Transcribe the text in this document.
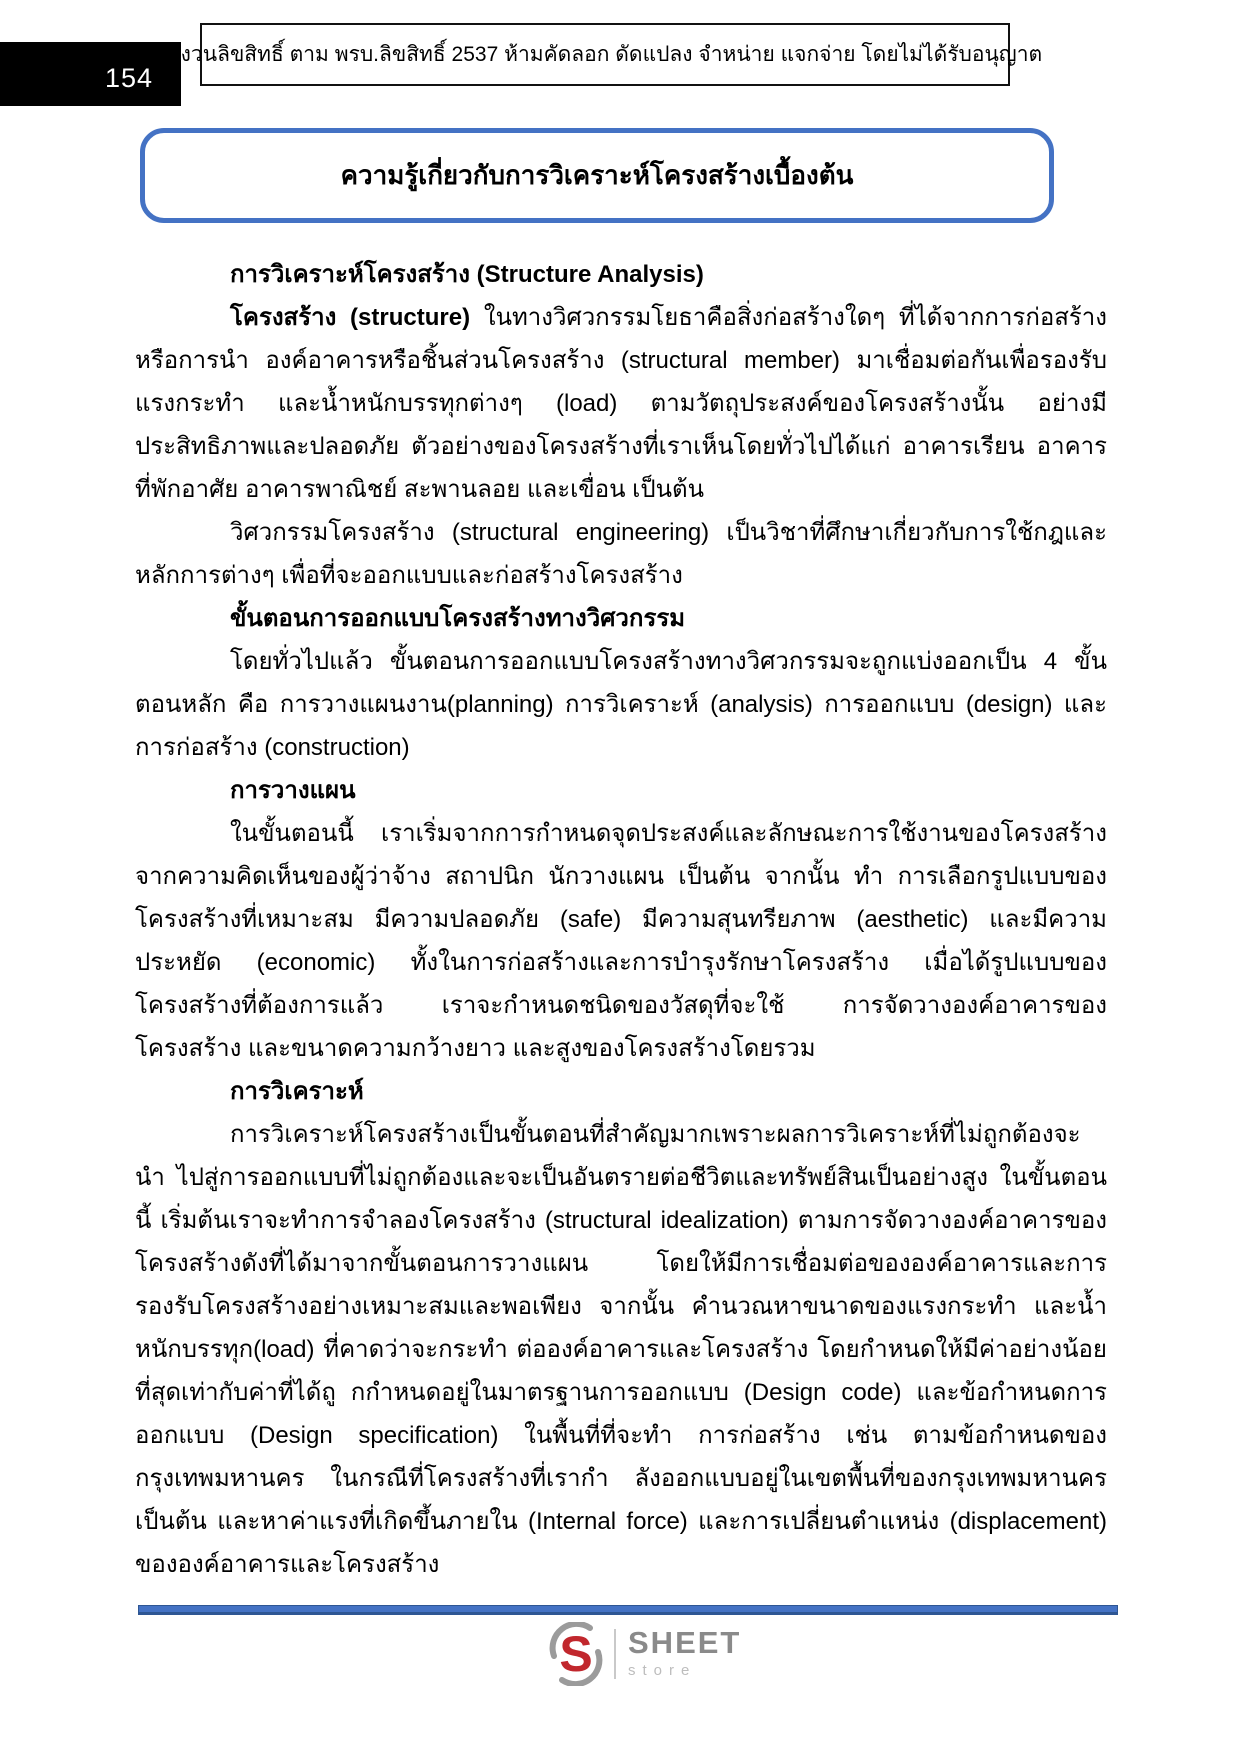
154
สงวนลิขสิทธิ์ ตาม พรบ.ลิขสิทธิ์ 2537 ห้ามคัดลอก ดัดแปลง จำหน่าย แจกจ่าย โดยไม่ได้รับอนุญาต
ความรู้เกี่ยวกับการวิเคราะห์โครงสร้างเบื้องต้น

การวิเคราะห์โครงสร้าง (Structure Analysis)

โครงสร้าง (structure) ในทางวิศวกรรมโยธาคือสิ่งก่อสร้างใดๆ ที่ได้จากการก่อสร้างหรือการนำ องค์อาคารหรือชิ้นส่วนโครงสร้าง (structural member) มาเชื่อมต่อกันเพื่อรองรับแรงกระทำ และน้ำหนักบรรทุกต่างๆ (load) ตามวัตถุประสงค์ของโครงสร้างนั้น อย่างมีประสิทธิภาพและปลอดภัย ตัวอย่างของโครงสร้างที่เราเห็นโดยทั่วไปได้แก่ อาคารเรียน อาคารที่พักอาศัย อาคารพาณิชย์ สะพานลอย และเขื่อน เป็นต้น

วิศวกรรมโครงสร้าง (structural engineering) เป็นวิชาที่ศึกษาเกี่ยวกับการใช้กฎและหลักการต่างๆ เพื่อที่จะออกแบบและก่อสร้างโครงสร้าง

ขั้นตอนการออกแบบโครงสร้างทางวิศวกรรม

โดยทั่วไปแล้ว ขั้นตอนการออกแบบโครงสร้างทางวิศวกรรมจะถูกแบ่งออกเป็น 4 ขั้นตอนหลัก คือ การวางแผนงาน(planning) การวิเคราะห์ (analysis) การออกแบบ (design) และการก่อสร้าง (construction)

การวางแผน

ในขั้นตอนนี้ เราเริ่มจากการกำหนดจุดประสงค์และลักษณะการใช้งานของโครงสร้างจากความคิดเห็นของผู้ว่าจ้าง สถาปนิก นักวางแผน เป็นต้น จากนั้น ทำ การเลือกรูปแบบของโครงสร้างที่เหมาะสม มีความปลอดภัย (safe) มีความสุนทรียภาพ (aesthetic) และมีความประหยัด (economic) ทั้งในการก่อสร้างและการบำรุงรักษาโครงสร้าง เมื่อได้รูปแบบของโครงสร้างที่ต้องการแล้ว เราจะกำหนดชนิดของวัสดุที่จะใช้ การจัดวางองค์อาคารของโครงสร้าง และขนาดความกว้างยาว และสูงของโครงสร้างโดยรวม

การวิเคราะห์

การวิเคราะห์โครงสร้างเป็นขั้นตอนที่สำคัญมากเพราะผลการวิเคราะห์ที่ไม่ถูกต้องจะนำ ไปสู่การออกแบบที่ไม่ถูกต้องและจะเป็นอันตรายต่อชีวิตและทรัพย์สินเป็นอย่างสูง ในขั้นตอนนี้ เริ่มต้นเราจะทำการจำลองโครงสร้าง (structural idealization) ตามการจัดวางองค์อาคารของโครงสร้างดังที่ได้มาจากขั้นตอนการวางแผน โดยให้มีการเชื่อมต่อขององค์อาคารและการรองรับโครงสร้างอย่างเหมาะสมและพอเพียง จากนั้น คำนวณหาขนาดของแรงกระทำ และน้ำหนักบรรทุก(load) ที่คาดว่าจะกระทำ ต่อองค์อาคารและโครงสร้าง โดยกำหนดให้มีค่าอย่างน้อยที่สุดเท่ากับค่าที่ได้ถู กกำหนดอยู่ในมาตรฐานการออกแบบ (Design code) และข้อกำหนดการออกแบบ (Design specification) ในพื้นที่ที่จะทำ การก่อสร้าง เช่น ตามข้อกำหนดของกรุงเทพมหานคร ในกรณีที่โครงสร้างที่เรากำ ลังออกแบบอยู่ในเขตพื้นที่ของกรุงเทพมหานคร เป็นต้น และหาค่าแรงที่เกิดขึ้นภายใน (Internal force) และการเปลี่ยนตำแหน่ง (displacement) ขององค์อาคารและโครงสร้าง

S SHEET
store
